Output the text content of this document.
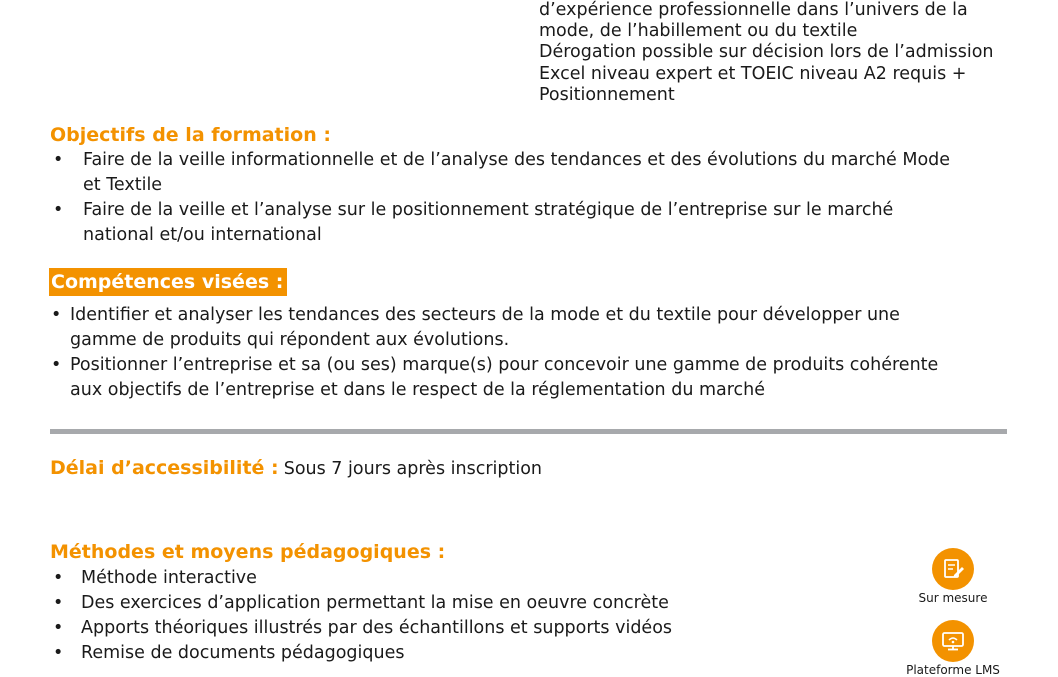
d’expérience professionnelle dans l’univers de la
mode, de l’habillement ou du textile
Dérogation possible sur décision lors de l’admission
Excel niveau expert et TOEIC niveau A2 requis +
Positionnement
Objectifs de la formation :
• Faire de la veille informationnelle et de l’analyse des tendances et des évolutions du marché Mode
et Textile
• Faire de la veille et l’analyse sur le positionnement stratégique de l’entreprise sur le marché
national et/ou international
Compétences visées :
• Identifier et analyser les tendances des secteurs de la mode et du textile pour développer une
gamme de produits qui répondent aux évolutions.
• Positionner l’entreprise et sa (ou ses) marque(s) pour concevoir une gamme de produits cohérente
aux objectifs de l’entreprise et dans le respect de la réglementation du marché
Délai d’accessibilité : Sous 7 jours après inscription
Méthodes et moyens pédagogiques :
• Méthode interactive
• Des exercices d’application permettant la mise en oeuvre concrète
• Apports théoriques illustrés par des échantillons et supports vidéos
• Remise de documents pédagogiques
Sur mesure
Plateforme LMS
